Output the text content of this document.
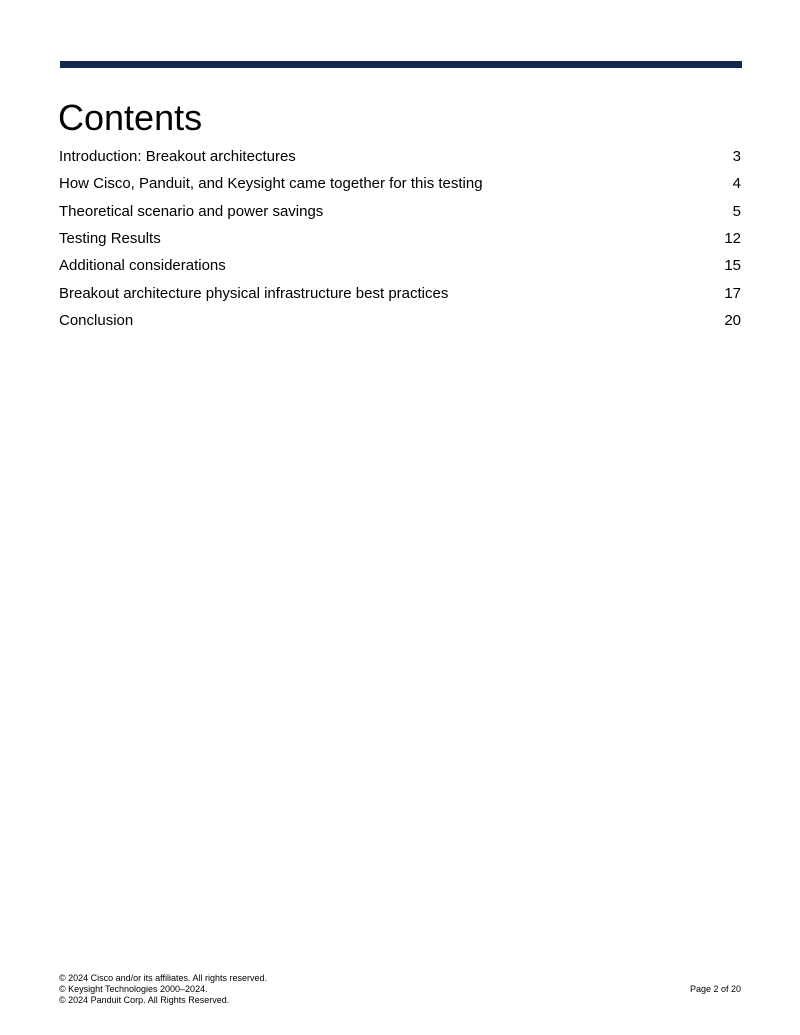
Contents
Introduction: Breakout architectures	3
How Cisco, Panduit, and Keysight came together for this testing	4
Theoretical scenario and power savings	5
Testing Results	12
Additional considerations	15
Breakout architecture physical infrastructure best practices	17
Conclusion	20
© 2024 Cisco and/or its affiliates. All rights reserved.
© Keysight Technologies 2000–2024.
© 2024 Panduit Corp. All Rights Reserved.
Page 2 of 20
